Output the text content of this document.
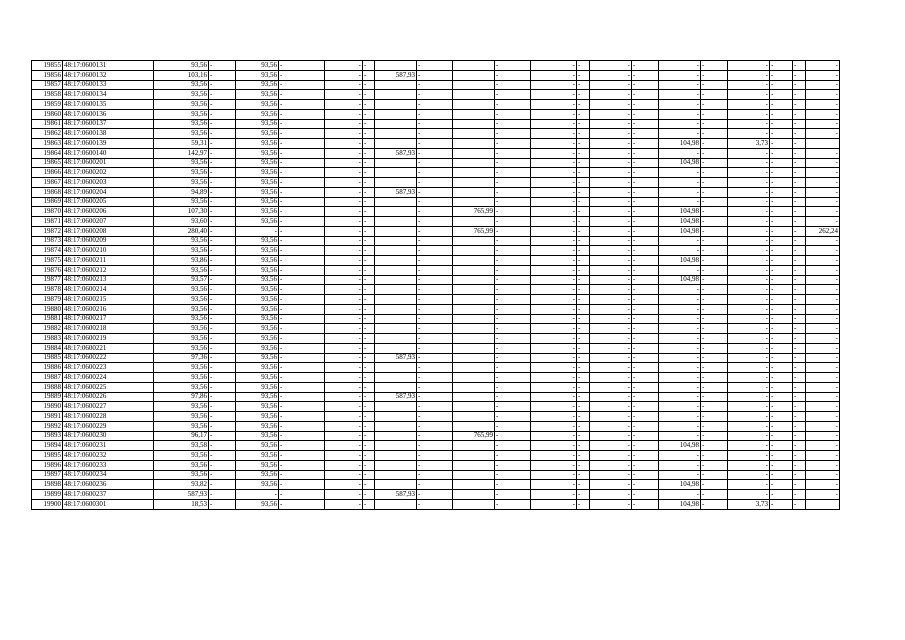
19855	48:17:0600131	93,56	-	93,56	-	-	-		-		-	-	-	-	-	-	-	-	-	-	-
19856	48:17:0600132	103,16	-	93,56	-	-	-	587,93	-		-	-	-	-	-	-	-	-	-	-	-
19857	48:17:0600133	93,56	-	93,56	-	-	-		-		-	-	-	-	-	-	-	-	-	-	-
19858	48:17:0600134	93,56	-	93,56	-	-	-		-		-	-	-	-	-	-	-	-	-	-	-
19859	48:17:0600135	93,56	-	93,56	-	-	-		-		-	-	-	-	-	-	-	-	-	-	-
19860	48:17:0600136	93,56	-	93,56	-	-	-		-		-	-	-	-	-	-	-	-	-	-	-
19861	48:17:0600137	93,56	-	93,56	-	-	-		-		-	-	-	-	-	-	-	-	-	-	-
19862	48:17:0600138	93,56	-	93,56	-	-	-		-		-	-	-	-	-	-	-	-	-	-	-
19863	48:17:0600139	59,31	-	93,56	-	-	-		-		-	-	-	-	-	104,98	-	3,73	-	-	
19864	48:17:0600140	142,97	-	93,56	-	-	-	587,93	-		-	-	-	-	-	-	-	-	-	-	-
19865	48:17:0600201	93,56	-	93,56	-	-	-		-		-	-	-	-	-	104,98	-	-	-	-	-
19866	48:17:0600202	93,56	-	93,56	-	-	-		-		-	-	-	-	-	-	-	-	-	-	-
19867	48:17:0600203	93,56	-	93,56	-	-	-		-		-	-	-	-	-	-	-	-	-	-	-
19868	48:17:0600204	94,89	-	93,56	-	-	-	587,93	-		-	-	-	-	-	-	-	-	-	-	-
19869	48:17:0600205	93,56	-	93,56	-	-	-		-		-	-	-	-	-	-	-	-	-	-	-
19870	48:17:0600206	107,30	-	93,56	-	-	-		-	765,99	-	-	-	-	-	104,98	-	-	-	-	-
19871	48:17:0600207	93,60	-	93,56	-	-	-		-		-	-	-	-	-	104,98	-	-	-	-	-
19872	48:17:0600208	280,40	-	-	-	-	-		-	765,99	-	-	-	-	-	104,98	-	-	-	-	262,24
19873	48:17:0600209	93,56	-	93,56	-	-	-		-		-	-	-	-	-	-	-	-	-	-	-
19874	48:17:0600210	93,56	-	93,56	-	-	-		-		-	-	-	-	-	-	-	-	-	-	-
19875	48:17:0600211	93,86	-	93,56	-	-	-		-		-	-	-	-	-	104,98	-	-	-	-	-
19876	48:17:0600212	93,56	-	93,56	-	-	-		-		-	-	-	-	-	-	-	-	-	-	-
19877	48:17:0600213	93,57	-	93,56	-	-	-		-		-	-	-	-	-	104,98	-	-	-	-	-
19878	48:17:0600214	93,56	-	93,56	-	-	-		-		-	-	-	-	-	-	-	-	-	-	-
19879	48:17:0600215	93,56	-	93,56	-	-	-		-		-	-	-	-	-	-	-	-	-	-	-
19880	48:17:0600216	93,56	-	93,56	-	-	-		-		-	-	-	-	-	-	-	-	-	-	-
19881	48:17:0600217	93,56	-	93,56	-	-	-		-		-	-	-	-	-	-	-	-	-	-	-
19882	48:17:0600218	93,56	-	93,56	-	-	-		-		-	-	-	-	-	-	-	-	-	-	-
19883	48:17:0600219	93,56	-	93,56	-	-	-		-		-	-	-	-	-	-	-	-	-	-	-
19884	48:17:0600221	93,56	-	93,56	-	-	-		-		-	-	-	-	-	-	-	-	-	-	-
19885	48:17:0600222	97,36	-	93,56	-	-	-	587,93	-		-	-	-	-	-	-	-	-	-	-	-
19886	48:17:0600223	93,56	-	93,56	-	-	-		-		-	-	-	-	-	-	-	-	-	-	-
19887	48:17:0600224	93,56	-	93,56	-	-	-		-		-	-	-	-	-	-	-	-	-	-	-
19888	48:17:0600225	93,56	-	93,56	-	-	-		-		-	-	-	-	-	-	-	-	-	-	-
19889	48:17:0600226	97,86	-	93,56	-	-	-	587,93	-		-	-	-	-	-	-	-	-	-	-	-
19890	48:17:0600227	93,56	-	93,56	-	-	-		-		-	-	-	-	-	-	-	-	-	-	-
19891	48:17:0600228	93,56	-	93,56	-	-	-		-		-	-	-	-	-	-	-	-	-	-	-
19892	48:17:0600229	93,56	-	93,56	-	-	-		-		-	-	-	-	-	-	-	-	-	-	-
19893	48:17:0600230	96,17	-	93,56	-	-	-		-	765,99	-	-	-	-	-	-	-	-	-	-	-
19894	48:17:0600231	93,58	-	93,56	-	-	-		-		-	-	-	-	-	104,98	-	-	-	-	-
19895	48:17:0600232	93,56	-	93,56	-	-	-		-		-	-	-	-	-	-	-	-	-	-	-
19896	48:17:0600233	93,56	-	93,56	-	-	-		-		-	-	-	-	-	-	-	-	-	-	-
19897	48:17:0600234	93,56	-	93,56	-	-	-		-		-	-	-	-	-	-	-	-	-	-	-
19898	48:17:0600236	93,82	-	93,56	-	-	-		-		-	-	-	-	-	104,98	-	-	-	-	-
19899	48:17:0600237	587,93	-	-	-	-	-	587,93	-		-	-	-	-	-	-	-	-	-	-	-
19900	48:17:0600301	18,53	-	93,56	-	-	-		-		-	-	-	-	-	104,98	-	3,73	-	-	
